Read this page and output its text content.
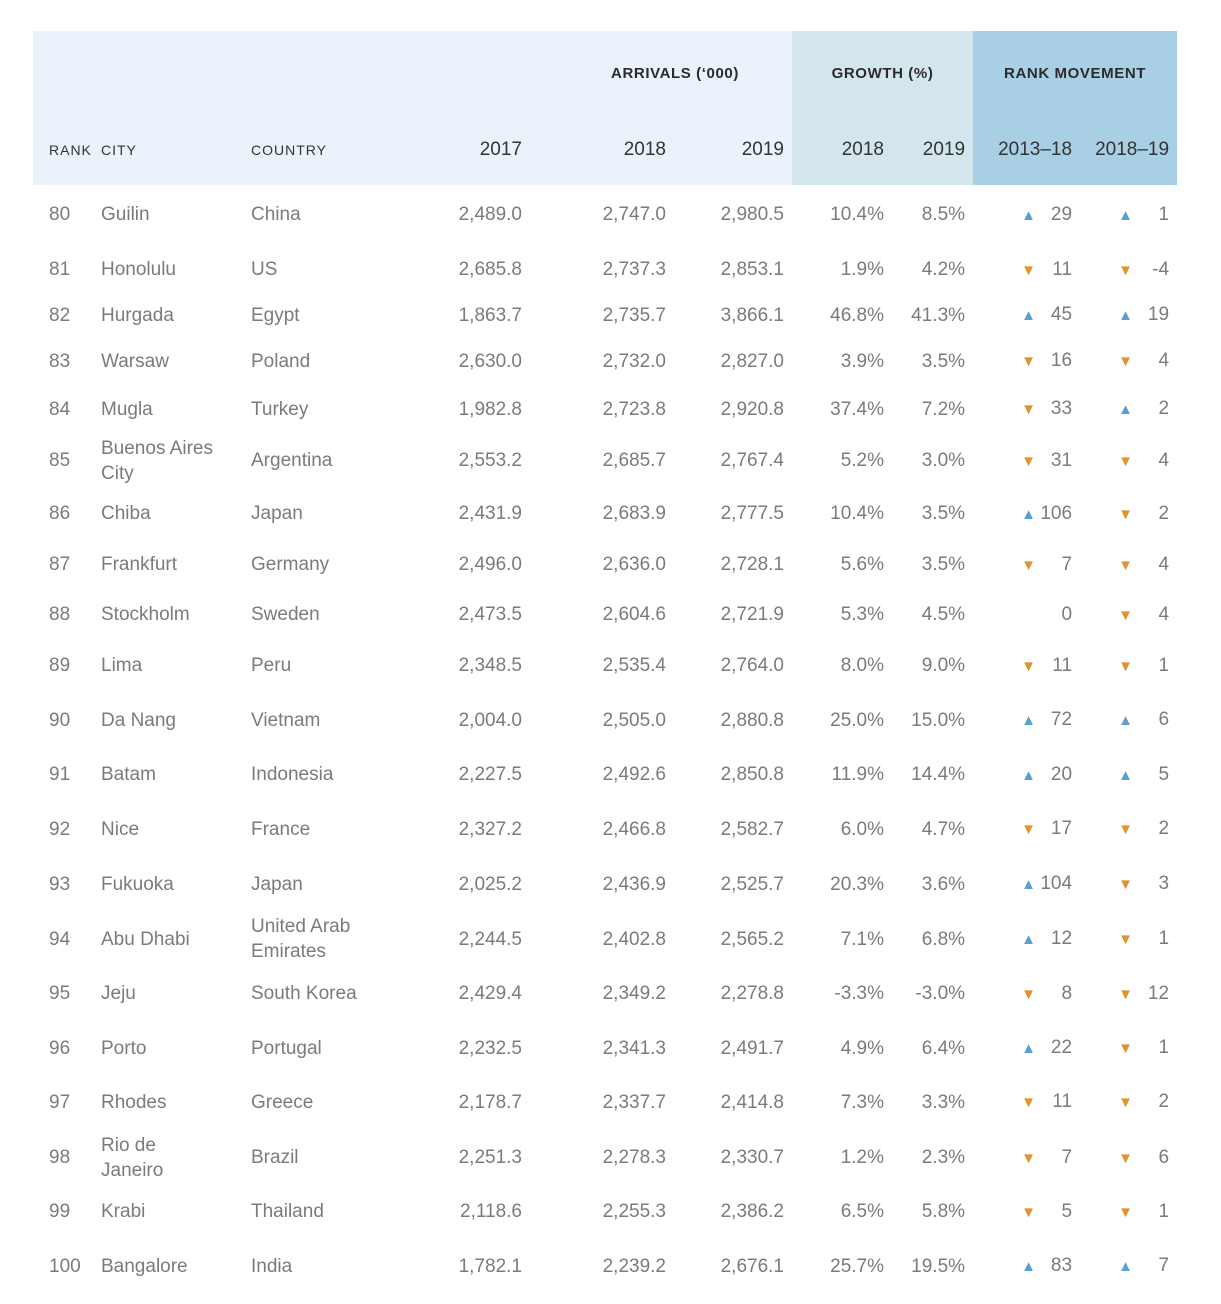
			ARRIVALS (‘000)			GROWTH (%)		RANK MOVEMENT	
RANK	CITY	COUNTRY	2017	2018	2019	2018	2019	2013–18	2018–19
80	Guilin	China	2,489.0	2,747.0	2,980.5	10.4%	8.5%	▲ 29	▲ 1
81	Honolulu	US	2,685.8	2,737.3	2,853.1	1.9%	4.2%	▼ 11	▼ -4
82	Hurgada	Egypt	1,863.7	2,735.7	3,866.1	46.8%	41.3%	▲ 45	▲ 19
83	Warsaw	Poland	2,630.0	2,732.0	2,827.0	3.9%	3.5%	▼ 16	▼ 4
84	Mugla	Turkey	1,982.8	2,723.8	2,920.8	37.4%	7.2%	▼ 33	▲ 2
85	Buenos Aires City	Argentina	2,553.2	2,685.7	2,767.4	5.2%	3.0%	▼ 31	▼ 4
86	Chiba	Japan	2,431.9	2,683.9	2,777.5	10.4%	3.5%	▲ 106	▼ 2
87	Frankfurt	Germany	2,496.0	2,636.0	2,728.1	5.6%	3.5%	▼ 7	▼ 4
88	Stockholm	Sweden	2,473.5	2,604.6	2,721.9	5.3%	4.5%	0	▼ 4
89	Lima	Peru	2,348.5	2,535.4	2,764.0	8.0%	9.0%	▼ 11	▼ 1
90	Da Nang	Vietnam	2,004.0	2,505.0	2,880.8	25.0%	15.0%	▲ 72	▲ 6
91	Batam	Indonesia	2,227.5	2,492.6	2,850.8	11.9%	14.4%	▲ 20	▲ 5
92	Nice	France	2,327.2	2,466.8	2,582.7	6.0%	4.7%	▼ 17	▼ 2
93	Fukuoka	Japan	2,025.2	2,436.9	2,525.7	20.3%	3.6%	▲ 104	▼ 3
94	Abu Dhabi	United Arab Emirates	2,244.5	2,402.8	2,565.2	7.1%	6.8%	▲ 12	▼ 1
95	Jeju	South Korea	2,429.4	2,349.2	2,278.8	-3.3%	-3.0%	▼ 8	▼ 12
96	Porto	Portugal	2,232.5	2,341.3	2,491.7	4.9%	6.4%	▲ 22	▼ 1
97	Rhodes	Greece	2,178.7	2,337.7	2,414.8	7.3%	3.3%	▼ 11	▼ 2
98	Rio de Janeiro	Brazil	2,251.3	2,278.3	2,330.7	1.2%	2.3%	▼ 7	▼ 6
99	Krabi	Thailand	2,118.6	2,255.3	2,386.2	6.5%	5.8%	▼ 5	▼ 1
100	Bangalore	India	1,782.1	2,239.2	2,676.1	25.7%	19.5%	▲ 83	▲ 7
